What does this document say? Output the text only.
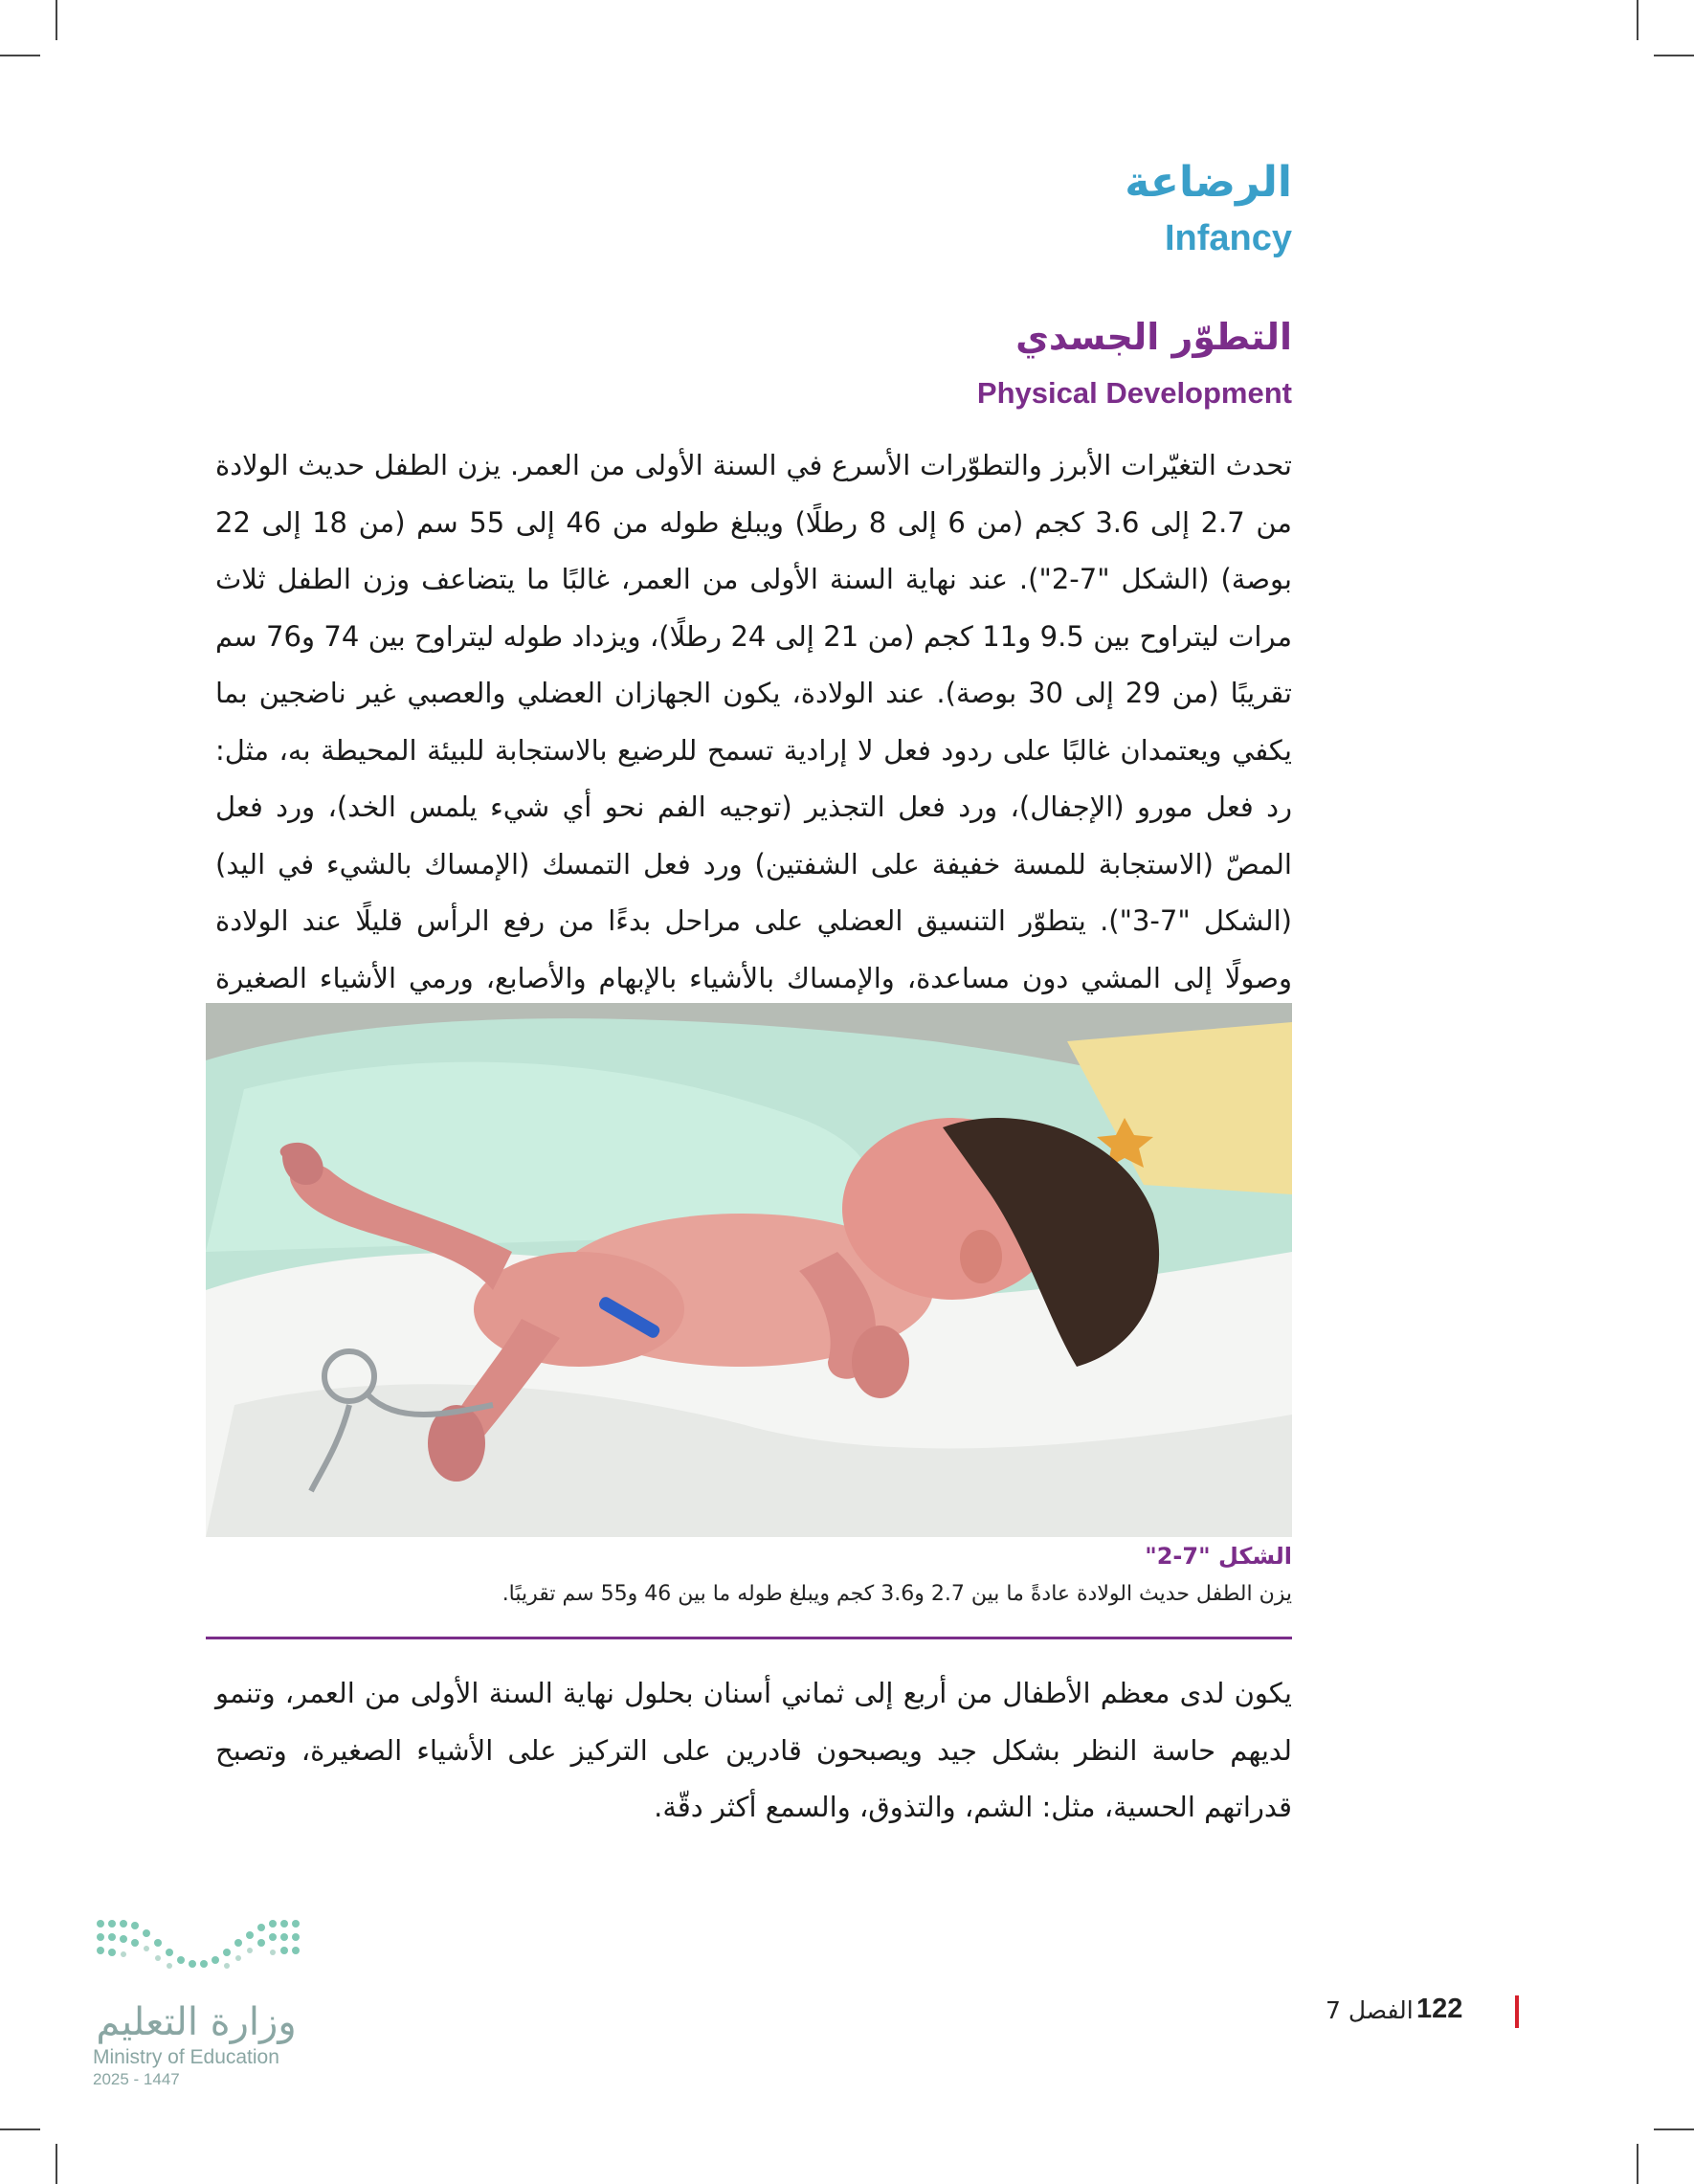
الرضاعة
Infancy
التطوّر الجسدي
Physical Development
تحدث التغيّرات الأبرز والتطوّرات الأسرع في السنة الأولى من العمر. يزن الطفل حديث الولادة من 2.7 إلى 3.6 كجم (من 6 إلى 8 رطلًا) ويبلغ طوله من 46 إلى 55 سم (من 18 إلى 22 بوصة) (الشكل "7-2"). عند نهاية السنة الأولى من العمر، غالبًا ما يتضاعف وزن الطفل ثلاث مرات ليتراوح بين 9.5 و11 كجم (من 21 إلى 24 رطلًا)، ويزداد طوله ليتراوح بين 74 و76 سم تقريبًا (من 29 إلى 30 بوصة). عند الولادة، يكون الجهازان العضلي والعصبي غير ناضجين بما يكفي ويعتمدان غالبًا على ردود فعل لا إرادية تسمح للرضيع بالاستجابة للبيئة المحيطة به، مثل: رد فعل مورو (الإجفال)، ورد فعل التجذير (توجيه الفم نحو أي شيء يلمس الخد)، ورد فعل المصّ (الاستجابة للمسة خفيفة على الشفتين) ورد فعل التمسك (الإمساك بالشيء في اليد) (الشكل "7-3"). يتطوّر التنسيق العضلي على مراحل بدءًا من رفع الرأس قليلًا عند الولادة وصولًا إلى المشي دون مساعدة، والإمساك بالأشياء بالإبهام والأصابع، ورمي الأشياء الصغيرة
الشكل "7-2"
يزن الطفل حديث الولادة عادةً ما بين 2.7 و3.6 كجم ويبلغ طوله ما بين 46 و55 سم تقريبًا.
يكون لدى معظم الأطفال من أربع إلى ثماني أسنان بحلول نهاية السنة الأولى من العمر، وتنمو لديهم حاسة النظر بشكل جيد ويصبحون قادرين على التركيز على الأشياء الصغيرة، وتصبح قدراتهم الحسية، مثل: الشم، والتذوق، والسمع أكثر دقّة.
وزارة التعليم
Ministry of Education
2025 - 1447
122
الفصل 7
